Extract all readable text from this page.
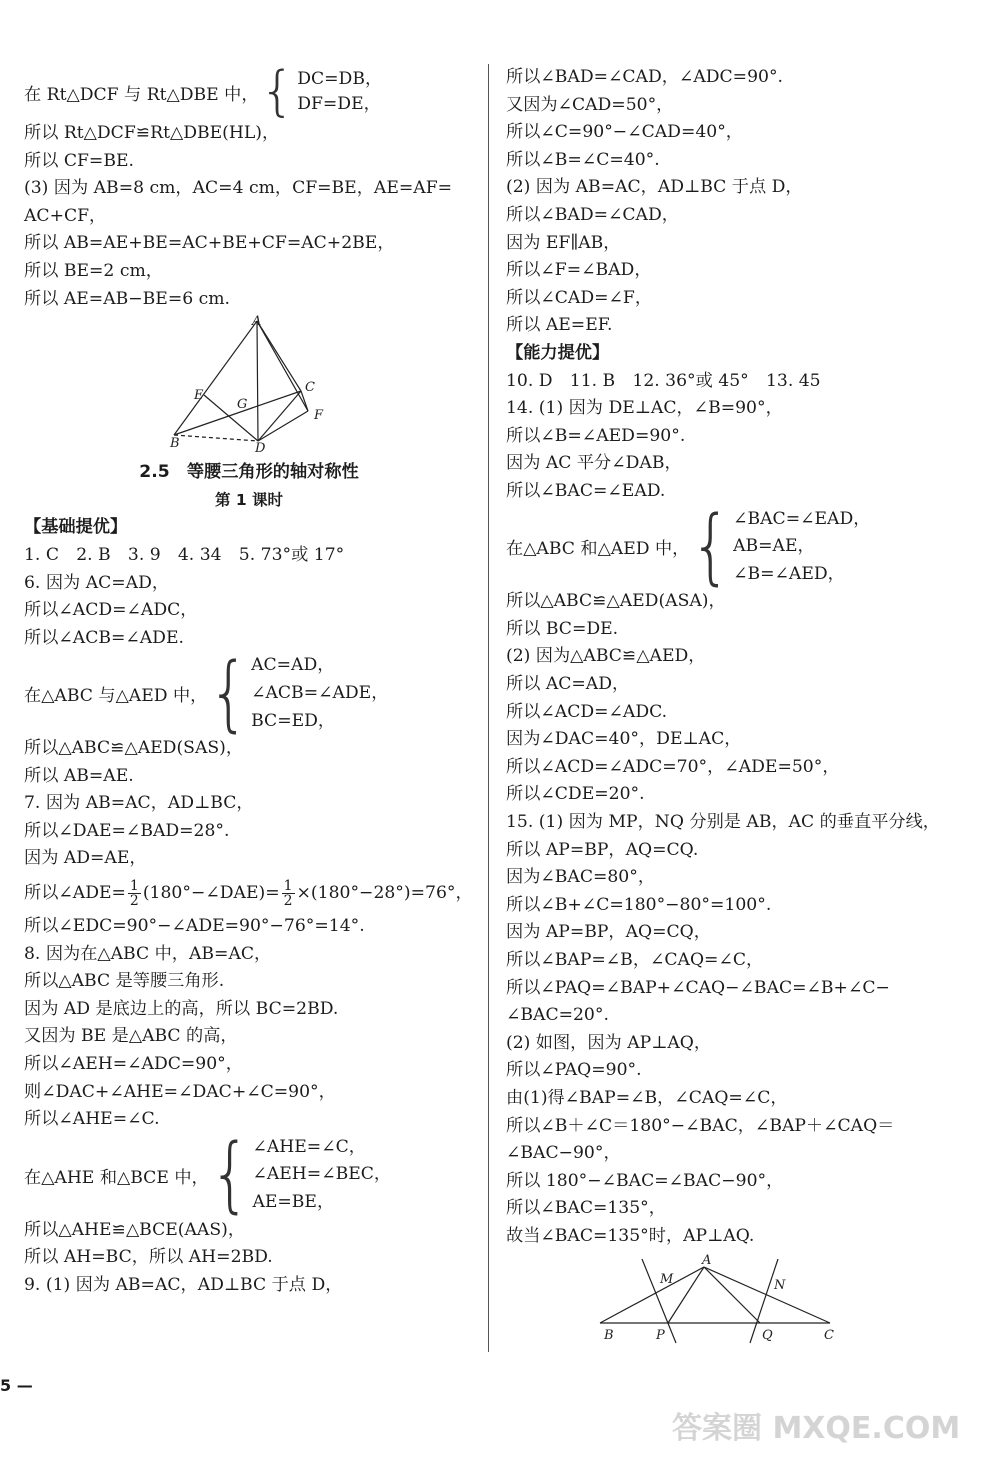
在 Rt△DCF 与 Rt△DBE 中， { DC=DB，
DF=DE，
所以 Rt△DCF≌Rt△DBE(HL)，
所以 CF=BE.
(3) 因为 AB=8 cm，AC=4 cm，CF=BE，AE=AF=
AC+CF，
所以 AB=AE+BE=AC+BE+CF=AC+2BE，
所以 BE=2 cm，
所以 AE=AB−BE=6 cm.
A
E
G
C
F
B	D
2.5　等腰三角形的轴对称性
第 1 课时
【基础提优】
1. C　2. B　3. 9　4. 34　5. 73°或 17°
6. 因为 AC=AD，
所以∠ACD=∠ADC，
所以∠ACB=∠ADE.
在△ABC 与△AED 中， { AC=AD，
∠ACB=∠ADE，
BC=ED，
所以△ABC≌△AED(SAS)，
所以 AB=AE.
7. 因为 AB=AC，AD⊥BC，
所以∠DAE=∠BAD=28°.
因为 AD=AE，
所以∠ADE= $\frac{1}{2}$ (180°−∠DAE)= $\frac{1}{2} \times(180^\circ-28^\circ)=76^\circ$，
所以∠EDC=90°−∠ADE=90°−76°=14°.
8. 因为在△ABC 中，AB=AC，
所以△ABC 是等腰三角形.
因为 AD 是底边上的高，所以 BC=2BD.
又因为 BE 是△ABC 的高，
所以∠AEH=∠ADC=90°，
则∠DAC+∠AHE=∠DAC+∠C=90°，
所以∠AHE=∠C.
在△AHE 和△BCE 中， { ∠AHE=∠C，
∠AEH=∠BEC，
AE=BE，
所以△AHE≌△BCE(AAS)，
所以 AH=BC，所以 AH=2BD.
9. (1) 因为 AB=AC，AD⊥BC 于点 D，
所以∠BAD=∠CAD，∠ADC=90°.
又因为∠CAD=50°，
所以∠C=90°−∠CAD=40°，
所以∠B=∠C=40°.
(2) 因为 AB=AC，AD⊥BC 于点 D，
所以∠BAD=∠CAD，
因为 EF∥AB，
所以∠F=∠BAD，
所以∠CAD=∠F，
所以 AE=EF.
【能力提优】
10. D　11. B　12. 36°或 45°　13. 45
14. (1) 因为 DE⊥AC，∠B=90°，
所以∠B=∠AED=90°.
因为 AC 平分∠DAB，
所以∠BAC=∠EAD.
在△ABC 和△AED 中， { ∠BAC=∠EAD，
AB=AE，
∠B=∠AED，
所以△ABC≌△AED(ASA)，
所以 BC=DE.
(2) 因为△ABC≌△AED，
所以 AC=AD，
所以∠ACD=∠ADC.
因为∠DAC=40°，DE⊥AC，
所以∠ACD=∠ADC=70°，∠ADE=50°，
所以∠CDE=20°.
15. (1) 因为 MP，NQ 分别是 AB，AC 的垂直平分线，
所以 AP=BP，AQ=CQ.
因为∠BAC=80°，
所以∠B+∠C=180°−80°=100°.
因为 AP=BP，AQ=CQ，
所以∠BAP=∠B，∠CAQ=∠C，
所以∠PAQ=∠BAP+∠CAQ−∠BAC=∠B+∠C−
∠BAC=20°.
(2) 如图，因为 AP⊥AQ，
所以∠PAQ=90°.
由(1)得∠BAP=∠B，∠CAQ=∠C，
所以∠B＋∠C＝180°−∠BAC，∠BAP＋∠CAQ＝
∠BAC−90°，
所以 180°−∠BAC=∠BAC−90°，
所以∠BAC=135°，
故当∠BAC=135°时，AP⊥AQ.
A
M	N
B	P	Q	C
5 —
答案圈 MXQE.COM
